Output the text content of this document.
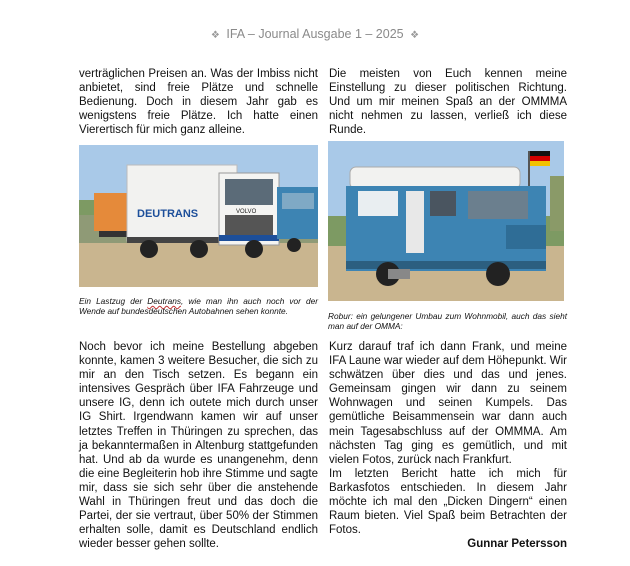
❖ IFA – Journal Ausgabe 1 – 2025 ❖

verträglichen Preisen an. Was der Imbiss nicht anbietet, sind freie Plätze und schnelle Bedienung. Doch in diesem Jahr gab es wenigstens freie Plätze. Ich hatte einen Vierertisch für mich ganz alleine.

DEUTRANS	VOLVO
Ein Lastzug der Deutrans, wie man ihn auch noch vor der Wende auf bundesdeutschen Autobahnen sehen konnte.

Noch bevor ich meine Bestellung abgeben konnte, kamen 3 weitere Besucher, die sich zu mir an den Tisch setzen. Es begann ein intensives Gespräch über IFA Fahrzeuge und unsere IG, denn ich outete mich durch unser IG Shirt. Irgendwann kamen wir auf unser letztes Treffen in Thüringen zu sprechen, das ja bekanntermaßen in Altenburg stattgefunden hat. Und ab da wurde es unangenehm, denn die eine Begleiterin hob ihre Stimme und sagte mir, dass sie sich sehr über die anstehende Wahl in Thüringen freut und das doch die Partei, der sie vertraut, über 50% der Stimmen erhalten solle, damit es Deutschland endlich wieder besser gehen sollte.

Die meisten von Euch kennen meine Einstellung zu dieser politischen Richtung. Und um mir meinen Spaß an der OMMMA nicht nehmen zu lassen, verließ ich diese Runde.

Robur: ein gelungener Umbau zum Wohnmobil, auch das sieht man auf der OMMA:

Kurz darauf traf ich dann Frank, und meine IFA Laune war wieder auf dem Höhepunkt. Wir schwätzen über dies und das und jenes. Gemeinsam gingen wir dann zu seinem Wohnwagen und seinen Kumpels. Das gemütliche Beisammensein war dann auch mein Tagesabschluss auf der OMMMA. Am nächsten Tag ging es gemütlich, und mit vielen Fotos, zurück nach Frankfurt.

Im letzten Bericht hatte ich mich für Barkasfotos entschieden. In diesem Jahr möchte ich mal den „Dicken Dingern“ einen Raum bieten. Viel Spaß beim Betrachten der Fotos.

Gunnar Petersson
